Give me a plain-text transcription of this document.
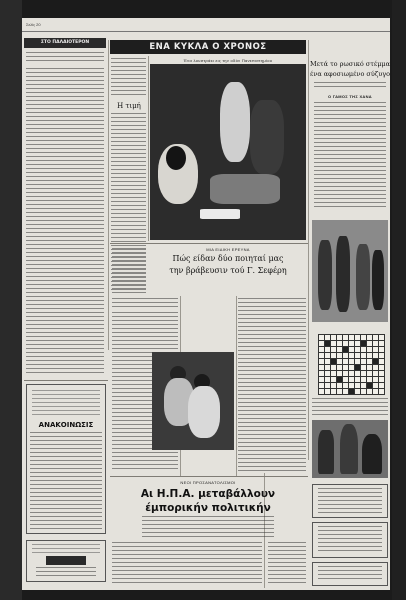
Σελίς 20
ΕΝΑ ΚΥΚΛΑ Ο ΧΡΟΝΟΣ
ΣΤΟ ΠΑΛΑΙΟΤΕΡΟΝ
ΑΝΑΚΟΙΝΩΣΙΣ
Η τιμή
Ένα λουστράκι εις την οδόν Πανεπιστημίου
ΜΙΑ ΕΙΔΙΚΗ ΕΡΕΥΝΑ
Πώς είδαν δύο ποιηταί μας
την βράβευσιν τού Γ. Σεφέρη
ΝΕΟΙ ΠΡΟΣΑΝΑΤΟΛΙΣΜΟΙ
Αι Η.Π.Α. μεταβάλλουν
έμπορικήν πολιτικήν
Μετά το ρωσικό στέμμα
ένα αφοσιωμένο σύζυγο
Ο ΓΑΜΟΣ ΤΗΣ ΧΑΝΑ
